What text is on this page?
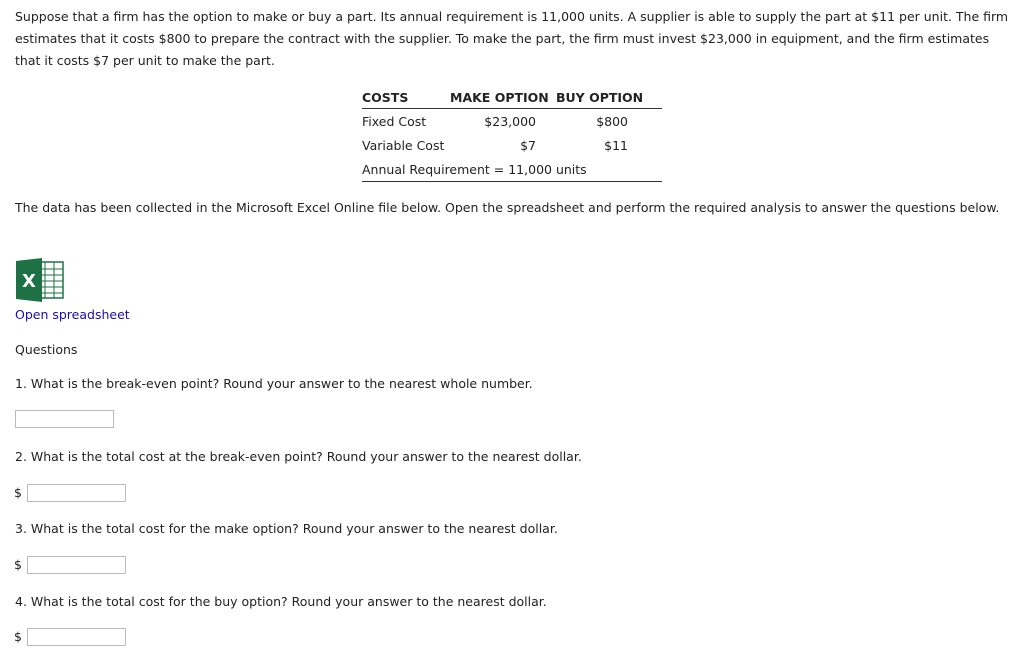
Suppose that a firm has the option to make or buy a part. Its annual requirement is 11,000 units. A supplier is able to supply the part at $11 per unit. The firm estimates that it costs $800 to prepare the contract with the supplier. To make the part, the firm must invest $23,000 in equipment, and the firm estimates that it costs $7 per unit to make the part.

COSTS	MAKE OPTION	BUY OPTION
Fixed Cost	$23,000	$800
Variable Cost	$7	$11
Annual Requirement = 11,000 units		

The data has been collected in the Microsoft Excel Online file below. Open the spreadsheet and perform the required analysis to answer the questions below.

X
Open spreadsheet
Questions
1. What is the break-even point? Round your answer to the nearest whole number.
2. What is the total cost at the break-even point? Round your answer to the nearest dollar.
$
3. What is the total cost for the make option? Round your answer to the nearest dollar.
$
4. What is the total cost for the buy option? Round your answer to the nearest dollar.
$
